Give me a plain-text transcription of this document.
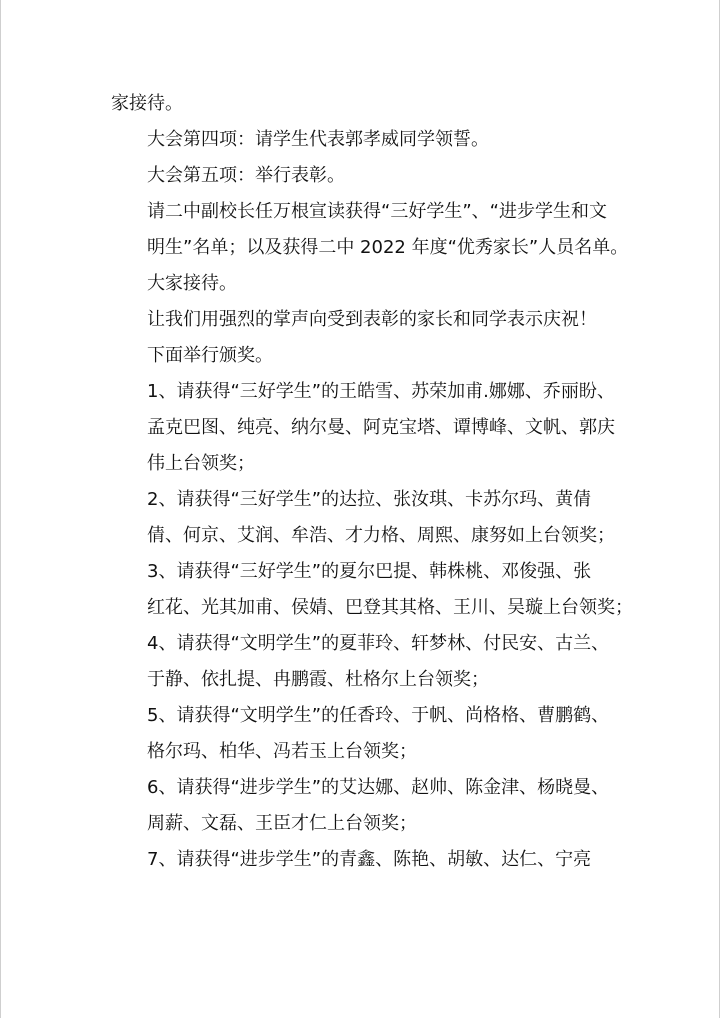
家接待。

大会第四项：请学生代表郭孝威同学领誓。

大会第五项：举行表彰。

请二中副校长任万根宣读获得“三好学生”、“进步学生和文
明生”名单；以及获得二中 2022 年度“优秀家长”人员名单。
大家接待。

让我们用强烈的掌声向受到表彰的家长和同学表示庆祝！

下面举行颁奖。

1、请获得“三好学生”的王皓雪、苏荣加甫.娜娜、乔丽盼、
孟克巴图、纯亮、纳尔曼、阿克宝塔、谭博峰、文帆、郭庆
伟上台领奖；

2、请获得“三好学生”的达拉、张汝琪、卡苏尔玛、黄倩
倩、何京、艾润、牟浩、才力格、周熙、康努如上台领奖；

3、请获得“三好学生”的夏尔巴提、韩株桃、邓俊强、张
红花、光其加甫、侯婧、巴登其其格、王川、吴璇上台领奖；

4、请获得“文明学生”的夏菲玲、轩梦林、付民安、古兰、
于静、依扎提、冉鹏霞、杜格尔上台领奖；

5、请获得“文明学生”的任香玲、于帆、尚格格、曹鹏鹤、
格尔玛、柏华、冯若玉上台领奖；

6、请获得“进步学生”的艾达娜、赵帅、陈金津、杨晓曼、
周薪、文磊、王臣才仁上台领奖；

7、请获得“进步学生”的青鑫、陈艳、胡敏、达仁、宁亮
